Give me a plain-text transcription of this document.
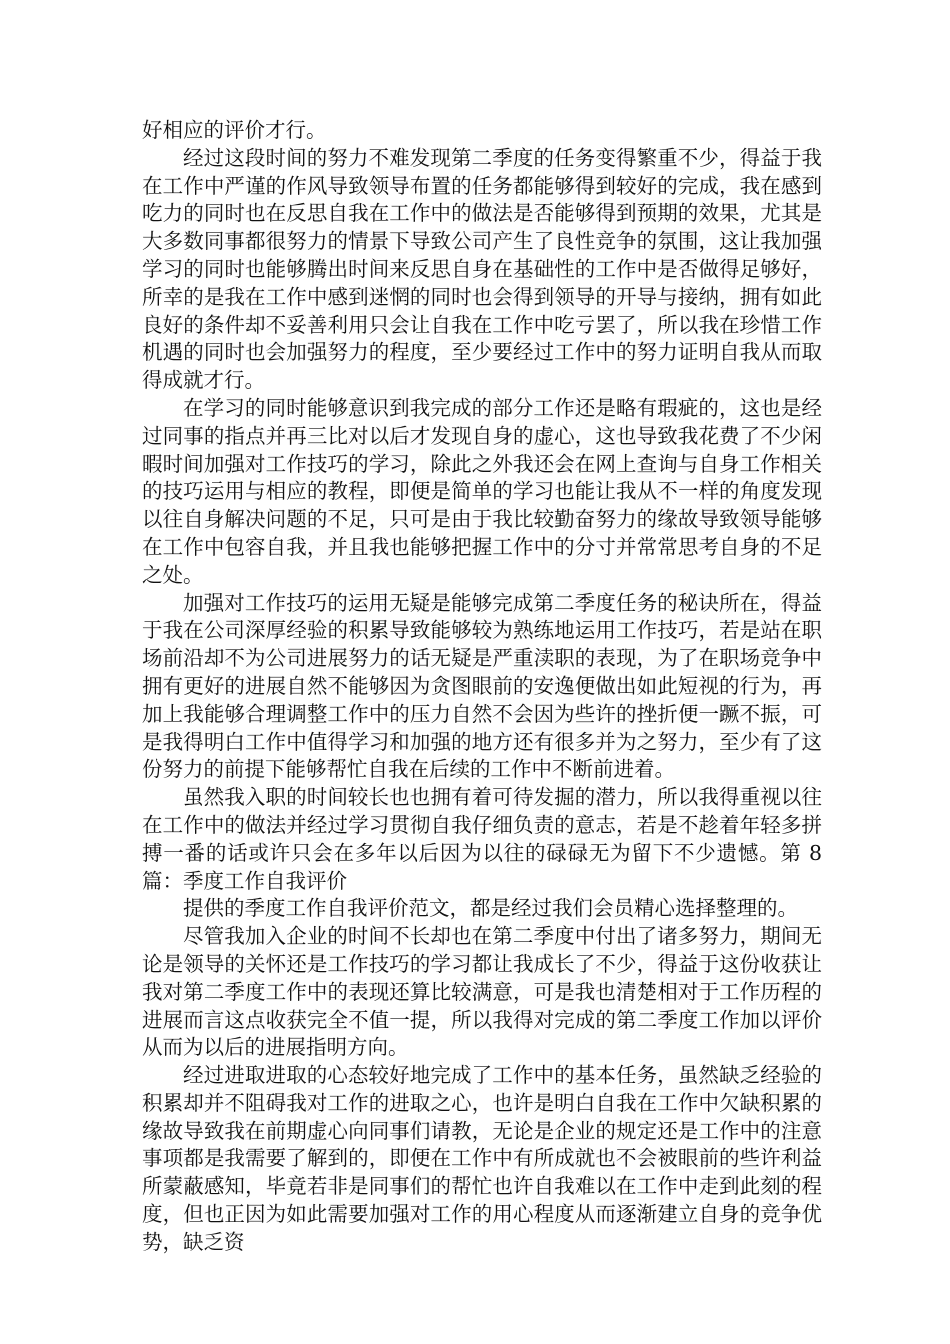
好相应的评价才行。

经过这段时间的努力不难发现第二季度的任务变得繁重不少，得益于我在工作中严谨的作风导致领导布置的任务都能够得到较好的完成，我在感到吃力的同时也在反思自我在工作中的做法是否能够得到预期的效果，尤其是大多数同事都很努力的情景下导致公司产生了良性竞争的氛围，这让我加强学习的同时也能够腾出时间来反思自身在基础性的工作中是否做得足够好，所幸的是我在工作中感到迷惘的同时也会得到领导的开导与接纳，拥有如此良好的条件却不妥善利用只会让自我在工作中吃亏罢了，所以我在珍惜工作机遇的同时也会加强努力的程度，至少要经过工作中的努力证明自我从而取得成就才行。

在学习的同时能够意识到我完成的部分工作还是略有瑕疵的，这也是经过同事的指点并再三比对以后才发现自身的虚心，这也导致我花费了不少闲暇时间加强对工作技巧的学习，除此之外我还会在网上查询与自身工作相关的技巧运用与相应的教程，即便是简单的学习也能让我从不一样的角度发现以往自身解决问题的不足，只可是由于我比较勤奋努力的缘故导致领导能够在工作中包容自我，并且我也能够把握工作中的分寸并常常思考自身的不足之处。

加强对工作技巧的运用无疑是能够完成第二季度任务的秘诀所在，得益于我在公司深厚经验的积累导致能够较为熟练地运用工作技巧，若是站在职场前沿却不为公司进展努力的话无疑是严重渎职的表现，为了在职场竞争中拥有更好的进展自然不能够因为贪图眼前的安逸便做出如此短视的行为，再加上我能够合理调整工作中的压力自然不会因为些许的挫折便一蹶不振，可是我得明白工作中值得学习和加强的地方还有很多并为之努力，至少有了这份努力的前提下能够帮忙自我在后续的工作中不断前进着。

虽然我入职的时间较长也也拥有着可待发掘的潜力，所以我得重视以往在工作中的做法并经过学习贯彻自我仔细负责的意志，若是不趁着年轻多拼搏一番的话或许只会在多年以后因为以往的碌碌无为留下不少遗憾。第 8 篇：季度工作自我评价

提供的季度工作自我评价范文，都是经过我们会员精心选择整理的。

尽管我加入企业的时间不长却也在第二季度中付出了诸多努力，期间无论是领导的关怀还是工作技巧的学习都让我成长了不少，得益于这份收获让我对第二季度工作中的表现还算比较满意，可是我也清楚相对于工作历程的进展而言这点收获完全不值一提，所以我得对完成的第二季度工作加以评价从而为以后的进展指明方向。

经过进取进取的心态较好地完成了工作中的基本任务，虽然缺乏经验的积累却并不阻碍我对工作的进取之心，也许是明白自我在工作中欠缺积累的缘故导致我在前期虚心向同事们请教，无论是企业的规定还是工作中的注意事项都是我需要了解到的，即便在工作中有所成就也不会被眼前的些许利益所蒙蔽感知，毕竟若非是同事们的帮忙也许自我难以在工作中走到此刻的程度，但也正因为如此需要加强对工作的用心程度从而逐渐建立自身的竞争优势，缺乏资
